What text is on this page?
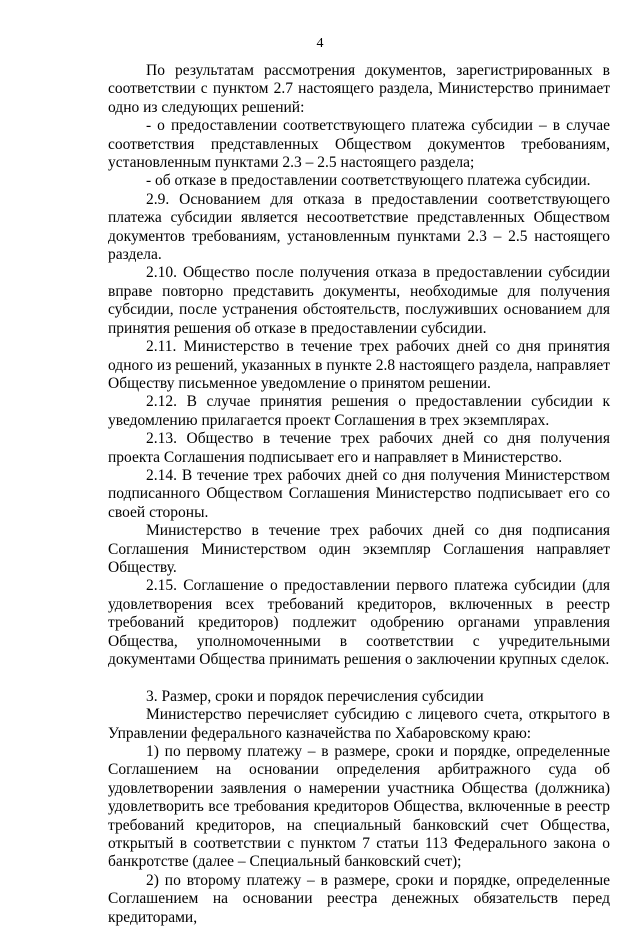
4

По результатам рассмотрения документов, зарегистрированных в соответствии с пунктом 2.7 настоящего раздела, Министерство принимает одно из следующих решений:

- о предоставлении соответствующего платежа субсидии – в случае соответствия представленных Обществом документов требованиям, установленным пунктами 2.3 – 2.5 настоящего раздела;

- об отказе в предоставлении соответствующего платежа субсидии.

2.9. Основанием для отказа в предоставлении соответствующего платежа субсидии является несоответствие представленных Обществом документов требованиям, установленным пунктами 2.3 – 2.5 настоящего раздела.

2.10. Общество после получения отказа в предоставлении субсидии вправе повторно представить документы, необходимые для получения субсидии, после устранения обстоятельств, послуживших основанием для принятия решения об отказе в предоставлении субсидии.

2.11. Министерство в течение трех рабочих дней со дня принятия одного из решений, указанных в пункте 2.8 настоящего раздела, направляет Обществу письменное уведомление о принятом решении.

2.12. В случае принятия решения о предоставлении субсидии к уведомлению прилагается проект Соглашения в трех экземплярах.

2.13. Общество в течение трех рабочих дней со дня получения проекта Соглашения подписывает его и направляет в Министерство.

2.14. В течение трех рабочих дней со дня получения Министерством подписанного Обществом Соглашения Министерство подписывает его со своей стороны.

Министерство в течение трех рабочих дней со дня подписания Соглашения Министерством один экземпляр Соглашения направляет Обществу.

2.15. Соглашение о предоставлении первого платежа субсидии (для удовлетворения всех требований кредиторов, включенных в реестр требований кредиторов) подлежит одобрению органами управления Общества, уполномоченными в соответствии с учредительными документами Общества принимать решения о заключении крупных сделок.

3. Размер, сроки и порядок перечисления субсидии

Министерство перечисляет субсидию с лицевого счета, открытого в Управлении федерального казначейства по Хабаровскому краю:

1) по первому платежу – в размере, сроки и порядке, определенные Соглашением на основании определения арбитражного суда об удовлетворении заявления о намерении участника Общества (должника) удовлетворить все требования кредиторов Общества, включенные в реестр требований кредиторов, на специальный банковский счет Общества, открытый в соответствии с пунктом 7 статьи 113 Федерального закона о банкротстве (далее – Специальный банковский счет);

2) по второму платежу – в размере, сроки и порядке, определенные Соглашением на основании реестра денежных обязательств перед кредиторами,
